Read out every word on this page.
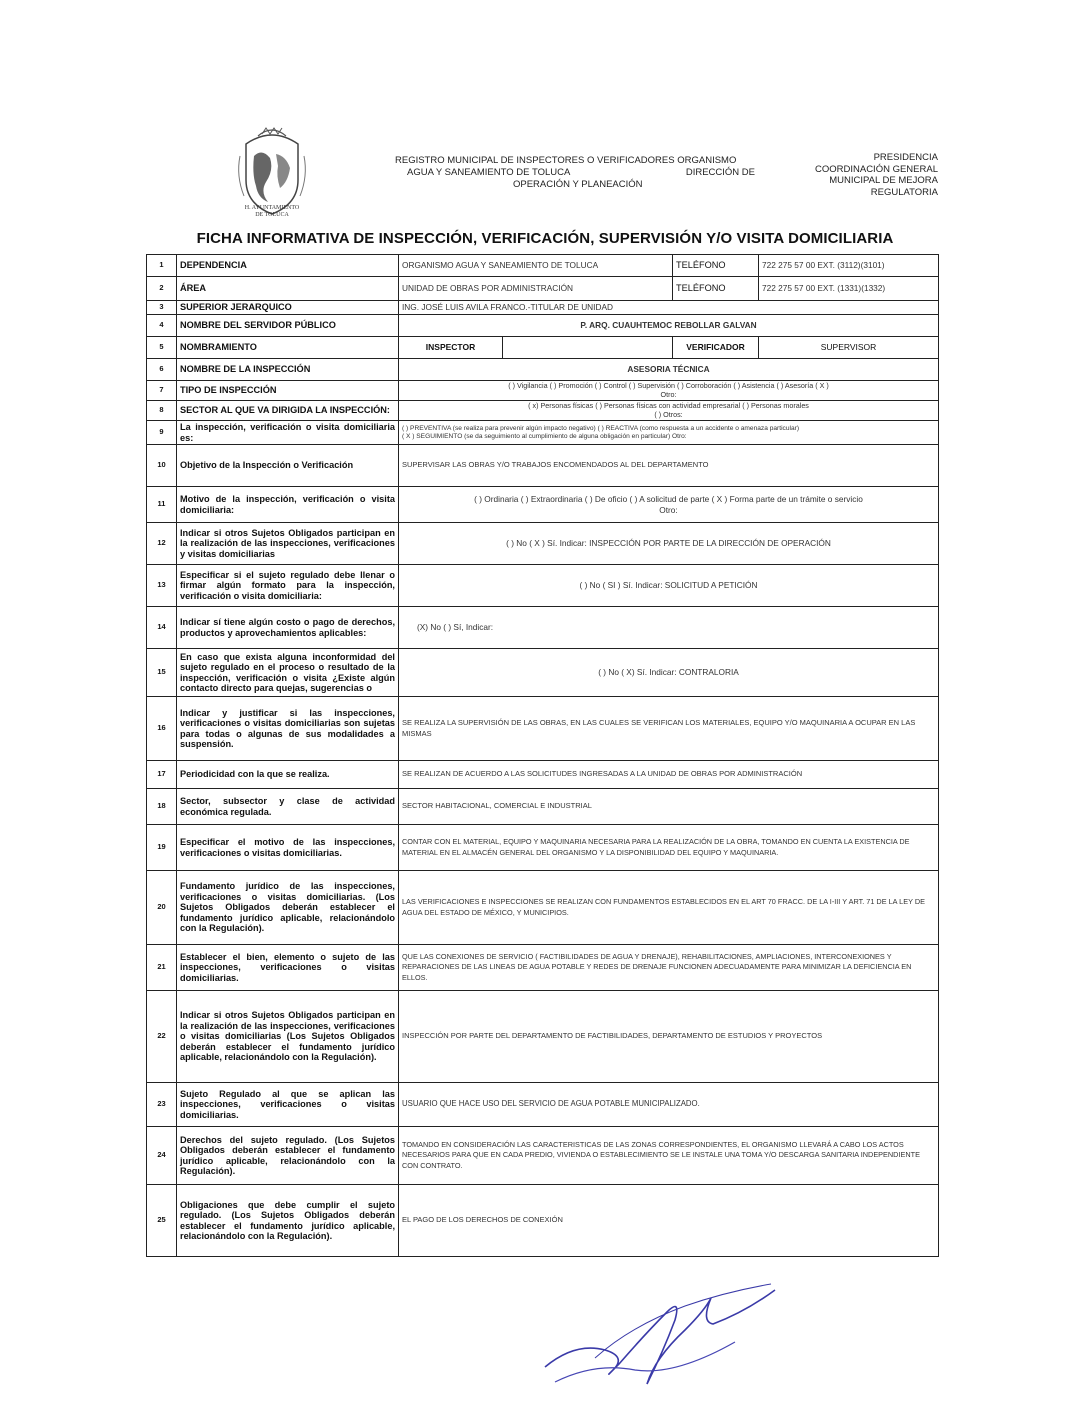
H. AYUNTAMIENTO
DE TOLUCA
REGISTRO MUNICIPAL DE INSPECTORES O VERIFICADORES ORGANISMO
AGUA Y SANEAMIENTO DE TOLUCA	DIRECCIÓN DE
OPERACIÓN Y PLANEACIÓN
PRESIDENCIA
COORDINACIÓN GENERAL
MUNICIPAL DE MEJORA
REGULATORIA
FICHA INFORMATIVA DE INSPECCIÓN, VERIFICACIÓN, SUPERVISIÓN Y/O VISITA DOMICILIARIA
1	DEPENDENCIA	ORGANISMO AGUA Y SANEAMIENTO DE TOLUCA		TELÉFONO	722 275 57 00 EXT. (3112)(3101)
2	ÁREA	UNIDAD DE OBRAS POR ADMINISTRACIÓN		TELÉFONO	722 275 57 00 EXT. (1331)(1332)
3	SUPERIOR JERARQUICO	ING. JOSÉ LUIS AVILA FRANCO.-TITULAR DE UNIDAD			
4	NOMBRE DEL SERVIDOR PÚBLICO	P. ARQ. CUAUHTEMOC REBOLLAR GALVAN			
5	NOMBRAMIENTO	INSPECTOR		VERIFICADOR	SUPERVISOR
6	NOMBRE DE LA INSPECCIÓN	ASESORIA TÉCNICA			
7	TIPO DE INSPECCIÓN	( ) Vigilancia ( ) Promoción ( ) Control ( ) Supervisión ( ) Corroboración ( ) Asistencia ( ) Asesoría ( X )
Otro:			

8	SECTOR AL QUE VA DIRIGIDA LA INSPECCIÓN:	( x) Personas físicas ( ) Personas físicas con actividad empresarial ( ) Personas morales
( ) Otros:			

9	La inspección, verificación o visita domiciliaria es:	( ) PREVENTIVA (se realiza para prevenir algún impacto negativo) ( ) REACTIVA (como respuesta a un accidente o amenaza particular)
( X ) SEGUIMIENTO (se da seguimiento al cumplimiento de alguna obligación en particular) Otro:			

10	Objetivo de la Inspección o Verificación	SUPERVISAR LAS OBRAS Y/O TRABAJOS ENCOMENDADOS AL DEL DEPARTAMENTO			
11	Motivo de la inspección, verificación o visita domiciliaria:	( ) Ordinaria ( ) Extraordinaria ( ) De oficio ( ) A solicitud de parte ( X ) Forma parte de un trámite o servicio
Otro:			

12	Indicar si otros Sujetos Obligados participan en la realización de las inspecciones, verificaciones y visitas domiciliarias	( ) No ( X ) Sí. Indicar: INSPECCIÓN POR PARTE DE LA DIRECCIÓN DE OPERACIÓN			
13	Especificar si el sujeto regulado debe llenar o firmar algún formato para la inspección, verificación o visita domiciliaria:	( ) No ( SI ) Sí. Indicar: SOLICITUD A PETICIÓN			
14	Indicar sí tiene algún costo o pago de derechos, productos y aprovechamientos aplicables:	(X) No ( ) Sí, Indicar:			
15	En caso que exista alguna inconformidad del sujeto regulado en el proceso o resultado de la inspección, verificación o visita ¿Existe algún contacto directo para quejas, sugerencias o	( ) No ( X) Sí. Indicar: CONTRALORIA			
16	Indicar y justificar si las inspecciones, verificaciones o visitas domiciliarias son sujetas para todas o algunas de sus modalidades a suspensión.	SE REALIZA LA SUPERVISIÓN DE LAS OBRAS, EN LAS CUALES SE VERIFICAN LOS MATERIALES, EQUIPO Y/O MAQUINARIA A OCUPAR EN LAS MISMAS			
17	Periodicidad con la que se realiza.	SE REALIZAN DE ACUERDO A LAS SOLICITUDES INGRESADAS A LA UNIDAD DE OBRAS POR ADMINISTRACIÓN			
18	Sector, subsector y clase de actividad económica regulada.	SECTOR HABITACIONAL, COMERCIAL E INDUSTRIAL			
19	Especificar el motivo de las inspecciones, verificaciones o visitas domiciliarias.	CONTAR CON EL MATERIAL, EQUIPO Y MAQUINARIA NECESARIA PARA LA REALIZACIÓN DE LA OBRA, TOMANDO EN CUENTA LA EXISTENCIA DE MATERIAL EN EL ALMACÉN GENERAL DEL ORGANISMO Y LA DISPONIBILIDAD DEL EQUIPO Y MAQUINARIA.			
20	Fundamento jurídico de las inspecciones, verificaciones o visitas domiciliarias. (Los Sujetos Obligados deberán establecer el fundamento jurídico aplicable, relacionándolo con la Regulación).	LAS VERIFICACIONES E INSPECCIONES SE REALIZAN CON FUNDAMENTOS ESTABLECIDOS EN EL ART 70 FRACC. DE LA I-III Y ART. 71 DE LA LEY DE AGUA DEL ESTADO DE MÉXICO, Y MUNICIPIOS.			
21	Establecer el bien, elemento o sujeto de las inspecciones, verificaciones o visitas domiciliarias.	QUE LAS CONEXIONES DE SERVICIO ( FACTIBILIDADES DE AGUA Y DRENAJE), REHABILITACIONES, AMPLIACIONES, INTERCONEXIONES Y REPARACIONES DE LAS LINEAS DE AGUA POTABLE Y REDES DE DRENAJE FUNCIONEN ADECUADAMENTE PARA MINIMIZAR LA DEFICIENCIA EN ELLOS.			
22	Indicar si otros Sujetos Obligados participan en la realización de las inspecciones, verificaciones o visitas domiciliarias (Los Sujetos Obligados deberán establecer el fundamento jurídico aplicable, relacionándolo con la Regulación).	INSPECCIÓN POR PARTE DEL DEPARTAMENTO DE FACTIBILIDADES, DEPARTAMENTO DE ESTUDIOS Y PROYECTOS			
23	Sujeto Regulado al que se aplican las inspecciones, verificaciones o visitas domiciliarias.	USUARIO QUE HACE USO DEL SERVICIO DE AGUA POTABLE MUNICIPALIZADO.			
24	Derechos del sujeto regulado. (Los Sujetos Obligados deberán establecer el fundamento jurídico aplicable, relacionándolo con la Regulación).	TOMANDO EN CONSIDERACIÓN LAS CARACTERISTICAS DE LAS ZONAS CORRESPONDIENTES, EL ORGANISMO LLEVARÁ A CABO LOS ACTOS NECESARIOS PARA QUE EN CADA PREDIO, VIVIENDA O ESTABLECIMIENTO SE LE INSTALE UNA TOMA Y/O DESCARGA SANITARIA INDEPENDIENTE CON CONTRATO.			
25	Obligaciones que debe cumplir el sujeto regulado. (Los Sujetos Obligados deberán establecer el fundamento jurídico aplicable, relacionándolo con la Regulación).	EL PAGO DE LOS DERECHOS DE CONEXIÓN			
